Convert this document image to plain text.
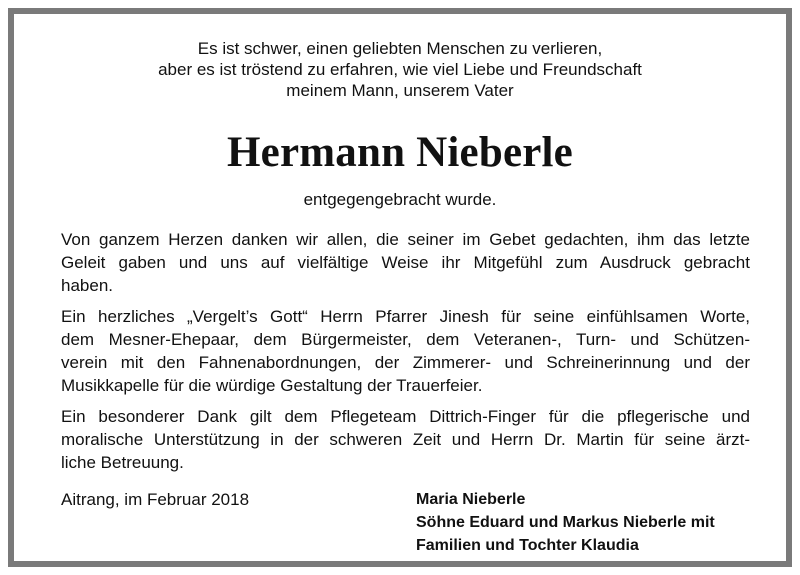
Es ist schwer, einen geliebten Menschen zu verlieren,
aber es ist tröstend zu erfahren, wie viel Liebe und Freundschaft
meinem Mann, unserem Vater
Hermann Nieberle
entgegengebracht wurde.

Von ganzem Herzen danken wir allen, die seiner im Gebet gedachten, ihm das letzte
Geleit gaben und uns auf vielfältige Weise ihr Mitgefühl zum Ausdruck gebracht
haben.

Ein herzliches „Vergelt’s Gott“ Herrn Pfarrer Jinesh für seine einfühlsamen Worte,
dem Mesner-Ehepaar, dem Bürgermeister, dem Veteranen-, Turn- und Schützen-
verein mit den Fahnenabordnungen, der Zimmerer- und Schreinerinnung und der
Musikkapelle für die würdige Gestaltung der Trauerfeier.

Ein besonderer Dank gilt dem Pflegeteam Dittrich-Finger für die pflegerische und
moralische Unterstützung in der schweren Zeit und Herrn Dr. Martin für seine ärzt-
liche Betreuung.

Aitrang, im Februar 2018	Maria Nieberle
Söhne Eduard und Markus Nieberle mit
Familien und Tochter Klaudia
